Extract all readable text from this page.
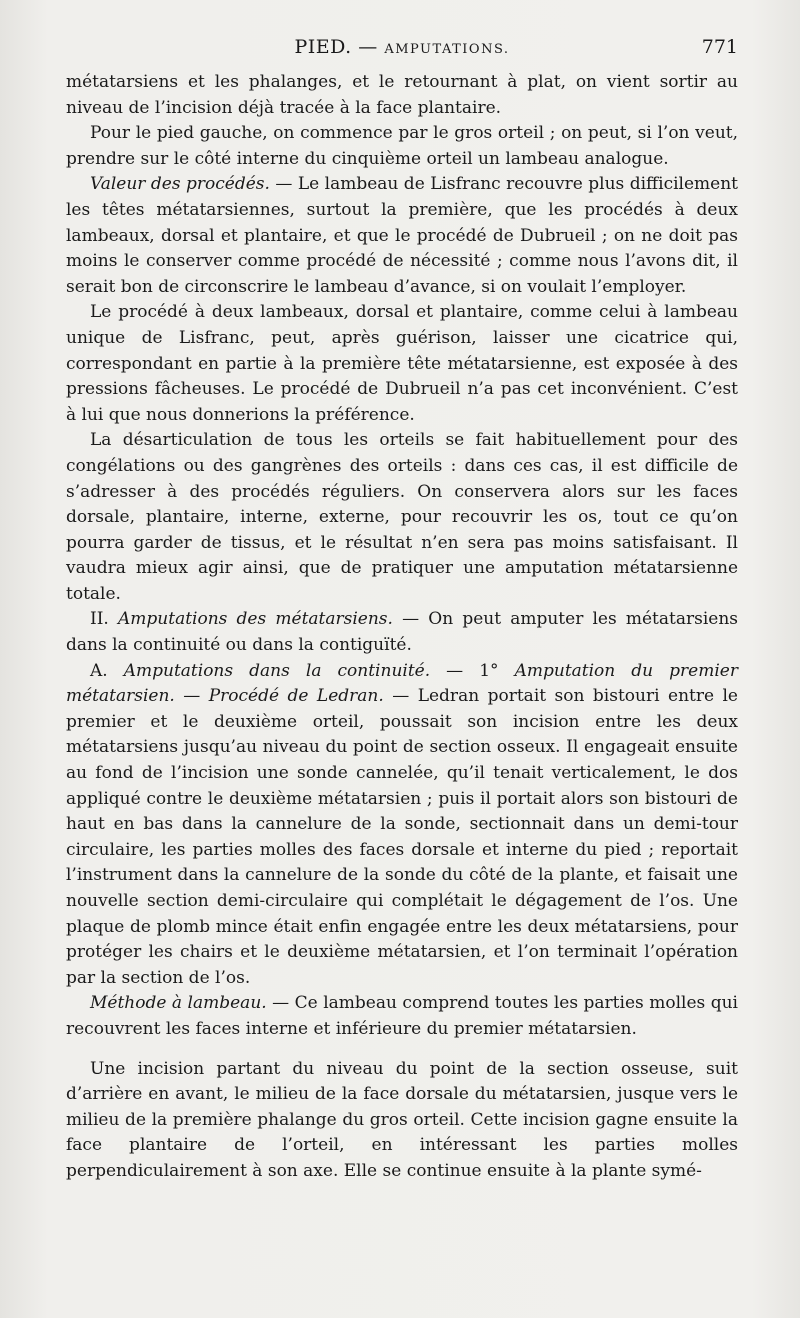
PIED. — AMPUTATIONS.	771

métatarsiens et les phalanges, et le retournant à plat, on vient sortir au niveau de l’incision déjà tracée à la face plantaire.

Pour le pied gauche, on commence par le gros orteil ; on peut, si l’on veut, prendre sur le côté interne du cinquième orteil un lambeau analogue.

Valeur des procédés. — Le lambeau de Lisfranc recouvre plus difficilement les têtes métatarsiennes, surtout la première, que les procédés à deux lambeaux, dorsal et plantaire, et que le procédé de Dubrueil ; on ne doit pas moins le conserver comme procédé de nécessité ; comme nous l’avons dit, il serait bon de circonscrire le lambeau d’avance, si on voulait l’employer.

Le procédé à deux lambeaux, dorsal et plantaire, comme celui à lambeau unique de Lisfranc, peut, après guérison, laisser une cicatrice qui, correspondant en partie à la première tête métatarsienne, est exposée à des pressions fâcheuses. Le procédé de Dubrueil n’a pas cet inconvénient. C’est à lui que nous donnerions la préférence.

La désarticulation de tous les orteils se fait habituellement pour des congélations ou des gangrènes des orteils : dans ces cas, il est difficile de s’adresser à des procédés réguliers. On conservera alors sur les faces dorsale, plantaire, interne, externe, pour recouvrir les os, tout ce qu’on pourra garder de tissus, et le résultat n’en sera pas moins satisfaisant. Il vaudra mieux agir ainsi, que de pratiquer une amputation métatarsienne totale.

II. Amputations des métatarsiens. — On peut amputer les métatarsiens dans la continuité ou dans la contiguïté.

A. Amputations dans la continuité. — 1° Amputation du premier métatarsien. — Procédé de Ledran. — Ledran portait son bistouri entre le premier et le deuxième orteil, poussait son incision entre les deux métatarsiens jusqu’au niveau du point de section osseux. Il engageait ensuite au fond de l’incision une sonde cannelée, qu’il tenait verticalement, le dos appliqué contre le deuxième métatarsien ; puis il portait alors son bistouri de haut en bas dans la cannelure de la sonde, sectionnait dans un demi-tour circulaire, les parties molles des faces dorsale et interne du pied ; reportait l’instrument dans la cannelure de la sonde du côté de la plante, et faisait une nouvelle section demi-circulaire qui complétait le dégagement de l’os. Une plaque de plomb mince était enfin engagée entre les deux métatarsiens, pour protéger les chairs et le deuxième métatarsien, et l’on terminait l’opération par la section de l’os.

Méthode à lambeau. — Ce lambeau comprend toutes les parties molles qui recouvrent les faces interne et inférieure du premier métatarsien.

Une incision partant du niveau du point de la section osseuse, suit d’arrière en avant, le milieu de la face dorsale du métatarsien, jusque vers le milieu de la première phalange du gros orteil. Cette incision gagne ensuite la face plantaire de l’orteil, en intéressant les parties molles perpendiculairement à son axe. Elle se continue ensuite à la plante symé-
